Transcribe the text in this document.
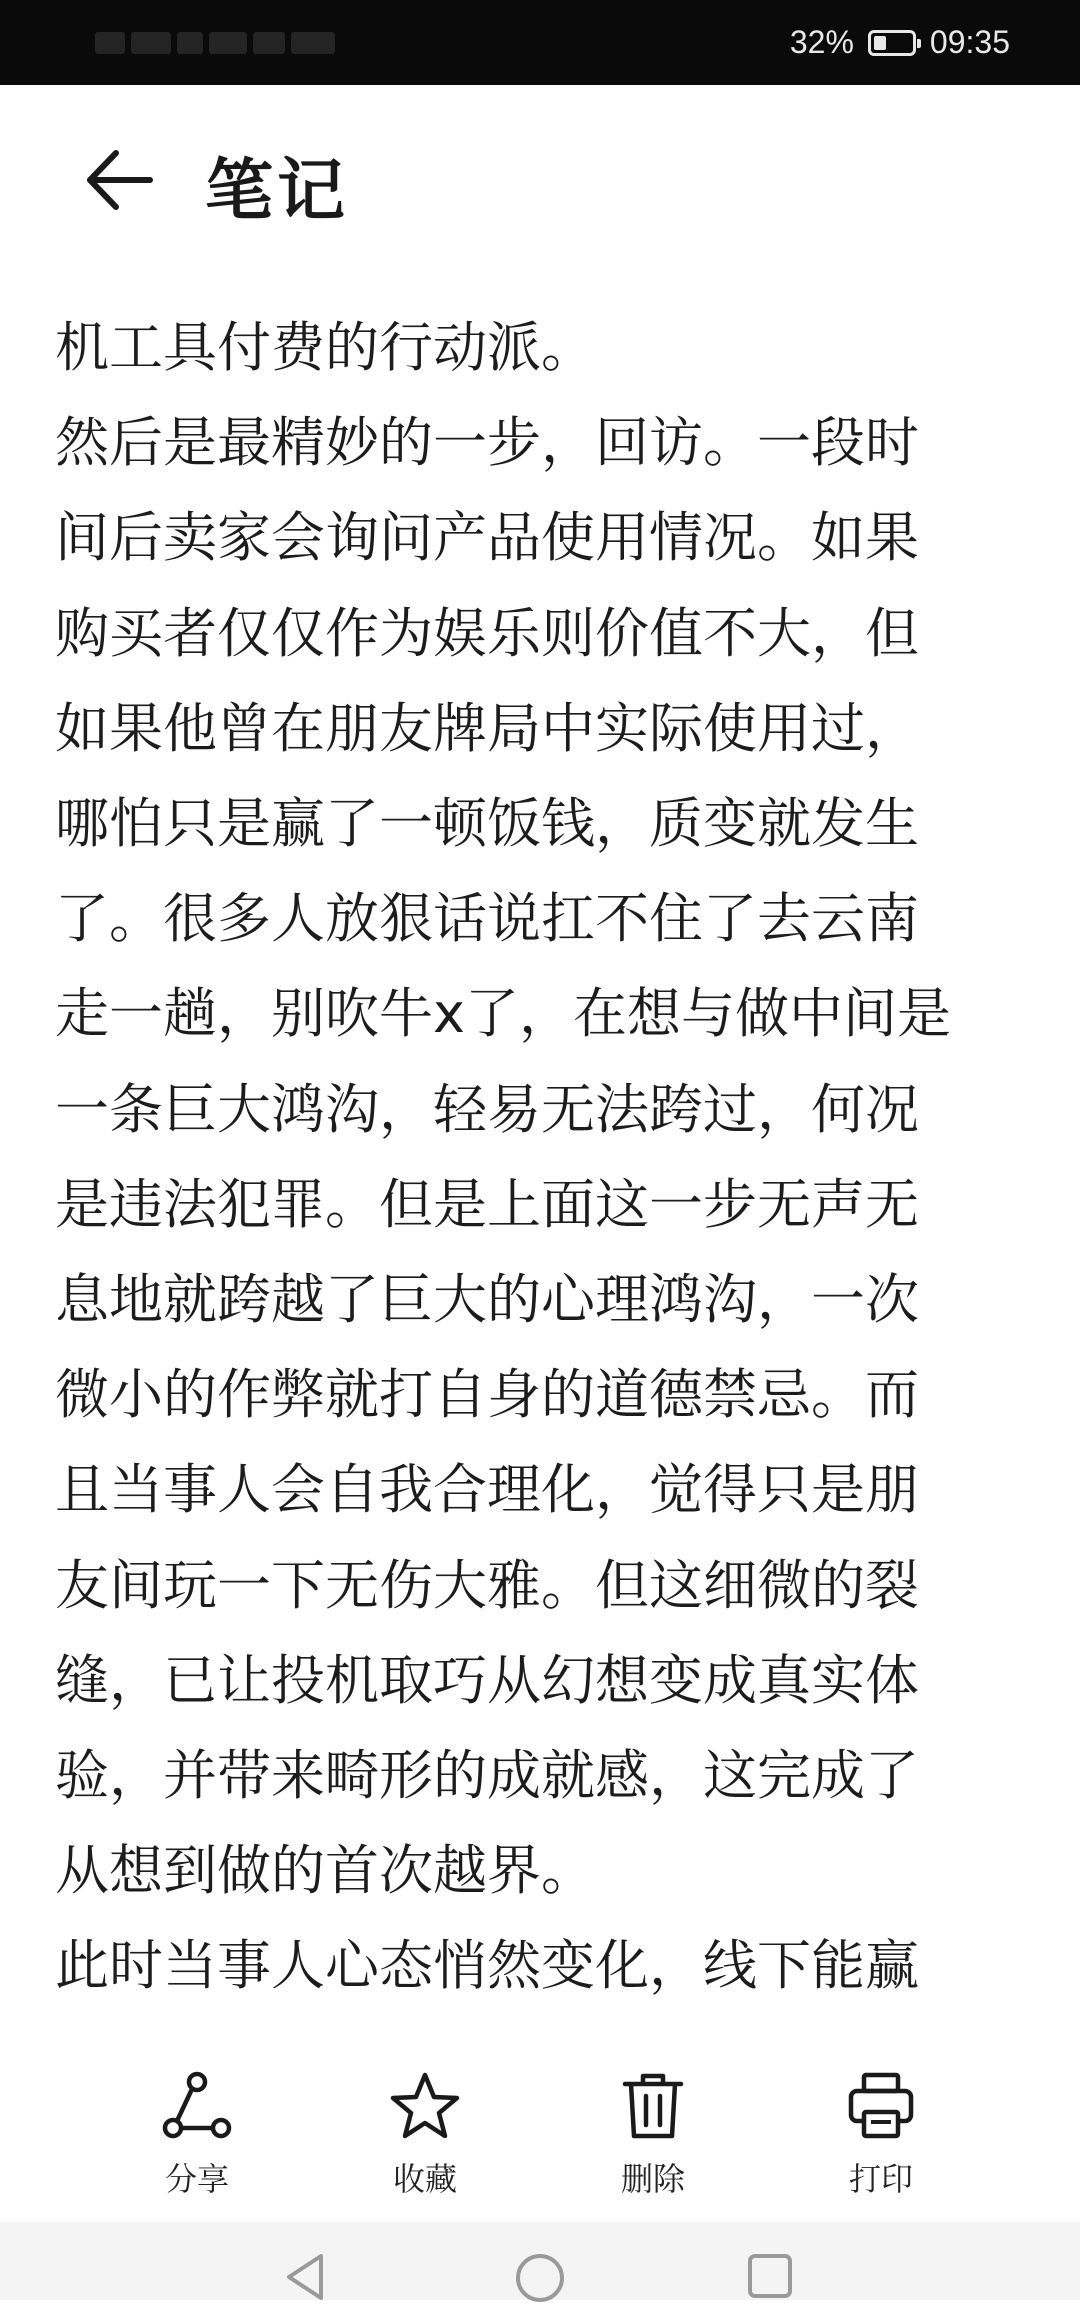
32% 09:35
笔记
机工具付费的行动派。
然后是最精妙的一步，回访。一段时
间后卖家会询问产品使用情况。如果
购买者仅仅作为娱乐则价值不大，但
如果他曾在朋友牌局中实际使用过，
哪怕只是赢了一顿饭钱，质变就发生
了。很多人放狠话说扛不住了去云南
走一趟，别吹牛x了，在想与做中间是
一条巨大鸿沟，轻易无法跨过，何况
是违法犯罪。但是上面这一步无声无
息地就跨越了巨大的心理鸿沟，一次
微小的作弊就打自身的道德禁忌。而
且当事人会自我合理化，觉得只是朋
友间玩一下无伤大雅。但这细微的裂
缝，已让投机取巧从幻想变成真实体
验，并带来畸形的成就感，这完成了
从想到做的首次越界。
此时当事人心态悄然变化，线下能赢
分享	收藏	删除	打印
